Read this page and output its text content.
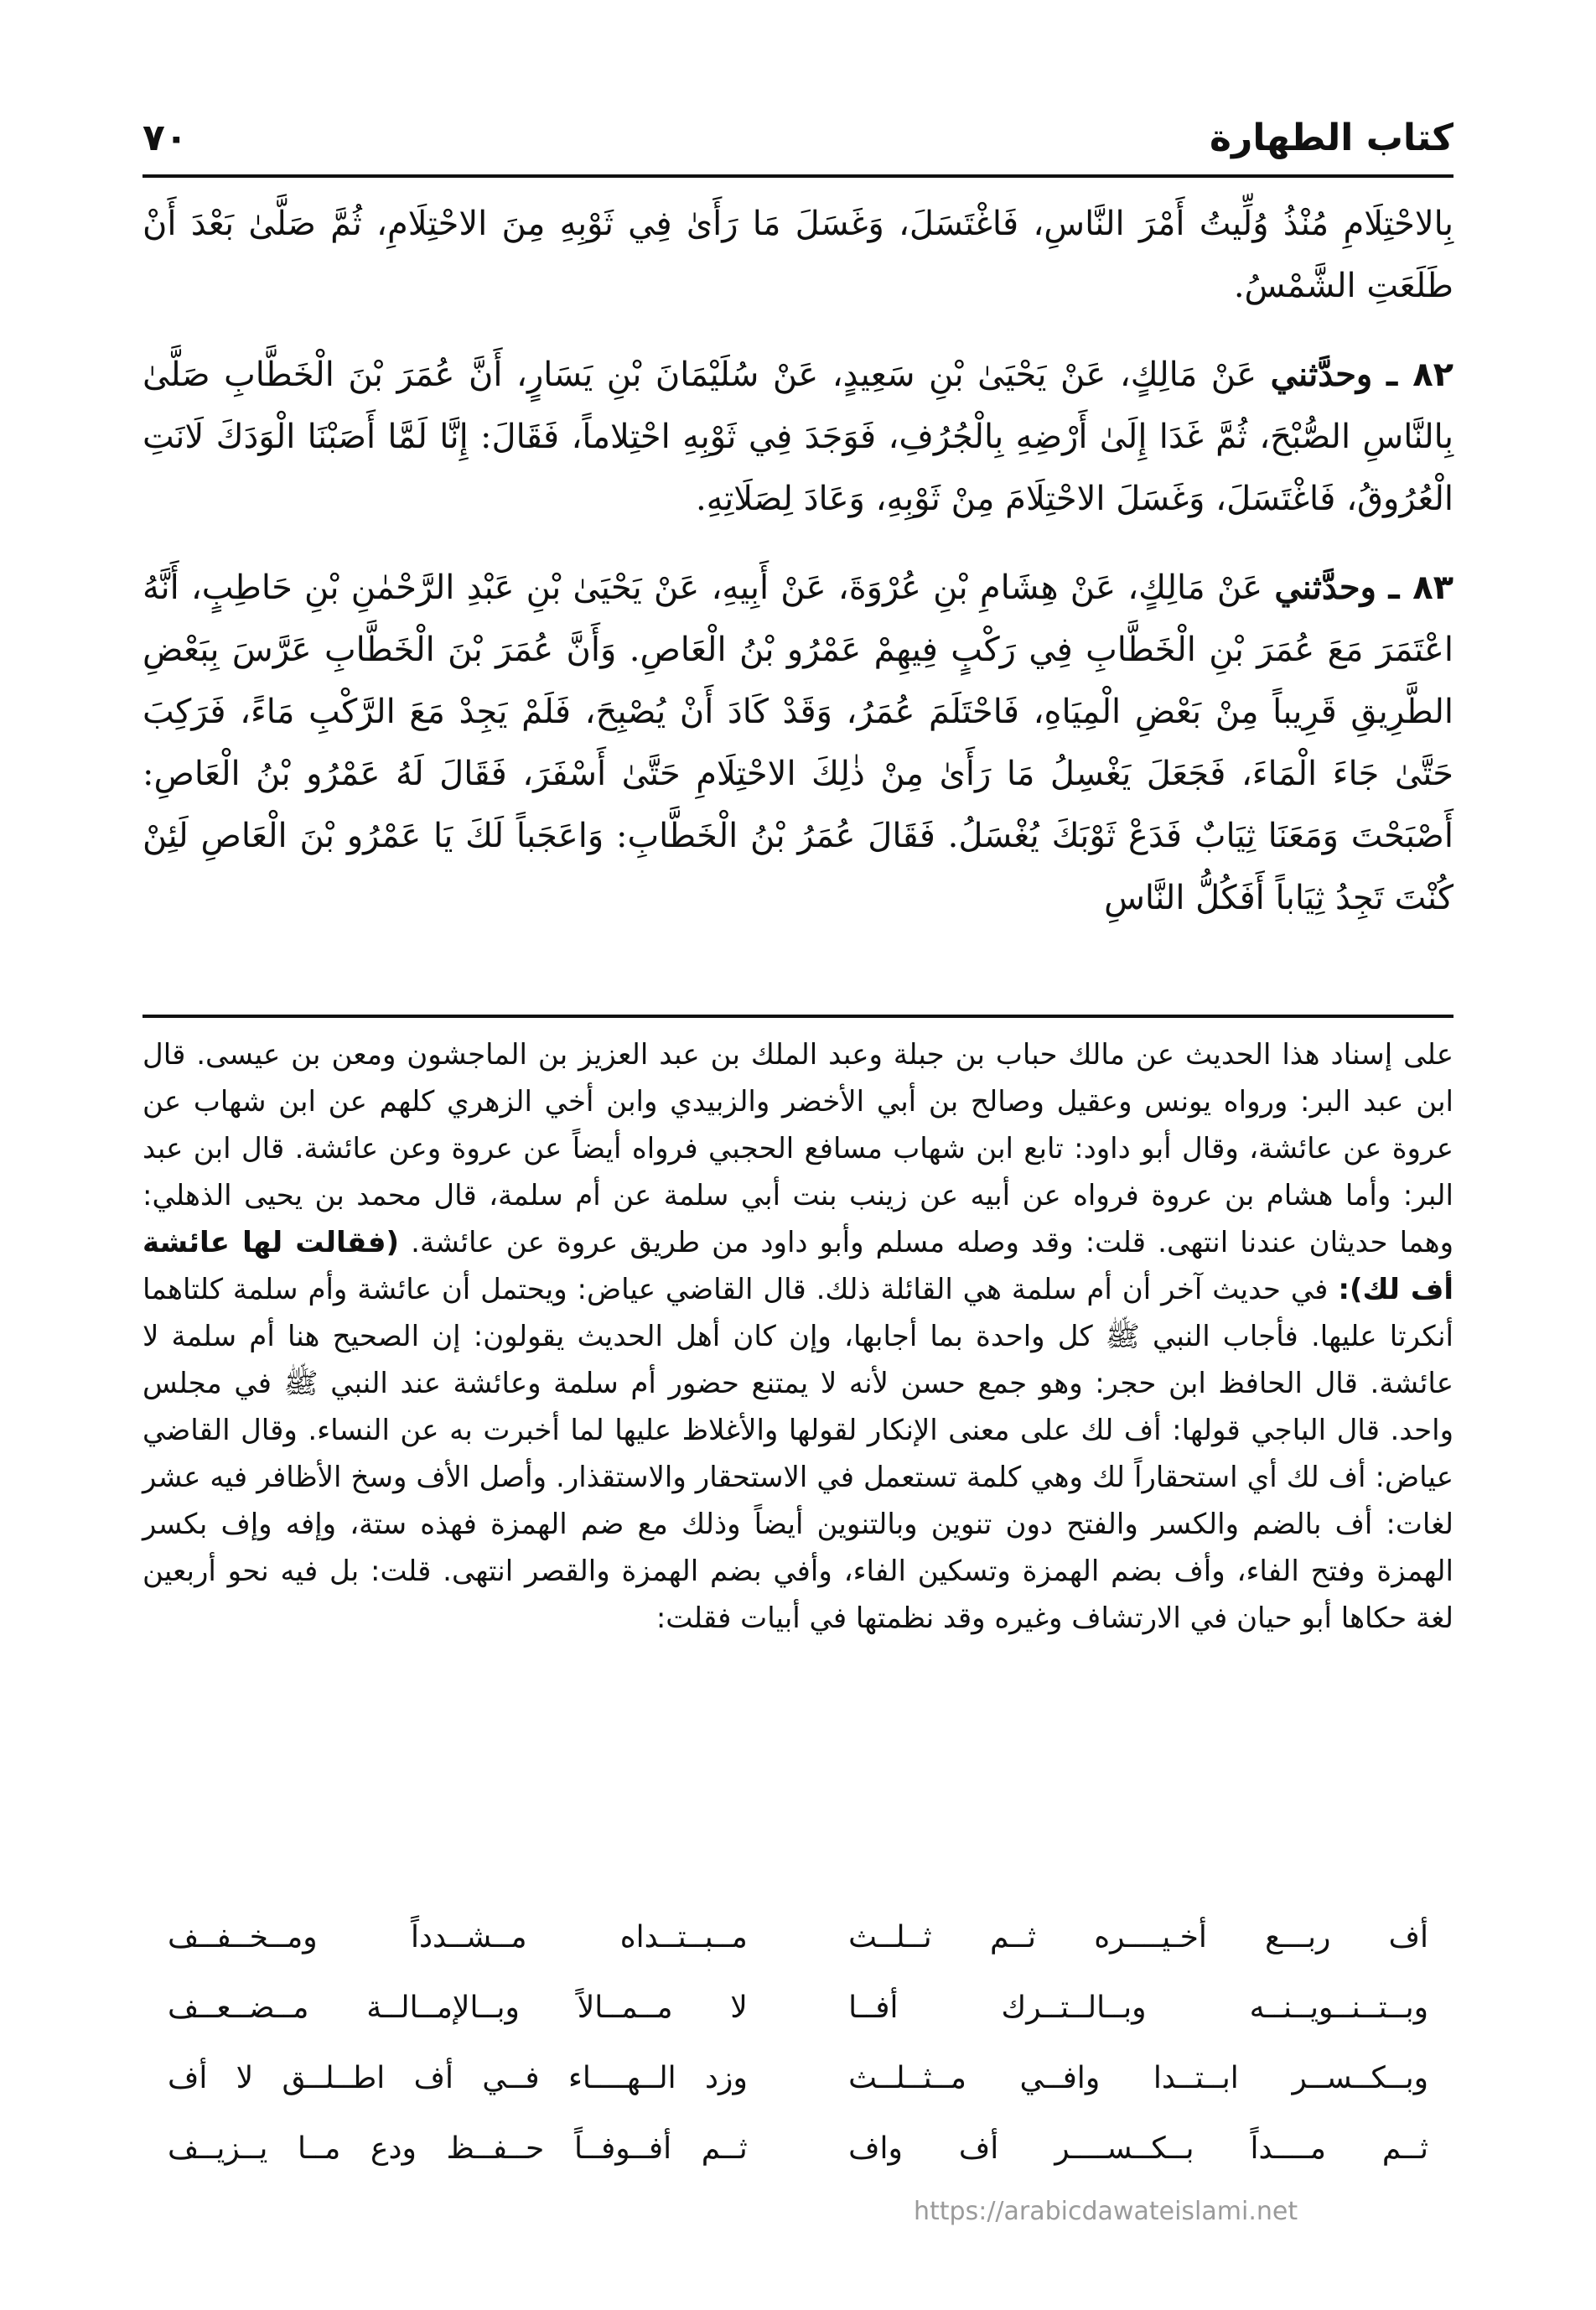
كتاب الطهارة
٧٠

بِالاحْتِلَامِ مُنْذُ وُلِّيتُ أَمْرَ النَّاسِ، فَاغْتَسَلَ، وَغَسَلَ مَا رَأَىٰ فِي ثَوْبِهِ مِنَ الاحْتِلَامِ، ثُمَّ صَلَّىٰ بَعْدَ أَنْ طَلَعَتِ الشَّمْسُ.

٨٢ ـ وحدَّثني عَنْ مَالِكٍ، عَنْ يَحْيَىٰ بْنِ سَعِيدٍ، عَنْ سُلَيْمَانَ بْنِ يَسَارٍ، أَنَّ عُمَرَ بْنَ الْخَطَّابِ صَلَّىٰ بِالنَّاسِ الصُّبْحَ، ثُمَّ غَدَا إِلَىٰ أَرْضِهِ بِالْجُرُفِ، فَوَجَدَ فِي ثَوْبِهِ احْتِلاماً، فَقَالَ: إِنَّا لَمَّا أَصَبْنَا الْوَدَكَ لَانَتِ الْعُرُوقُ، فَاغْتَسَلَ، وَغَسَلَ الاحْتِلَامَ مِنْ ثَوْبِهِ، وَعَادَ لِصَلَاتِهِ.

٨٣ ـ وحدَّثني عَنْ مَالِكٍ، عَنْ هِشَامِ بْنِ عُرْوَةَ، عَنْ أَبِيهِ، عَنْ يَحْيَىٰ بْنِ عَبْدِ الرَّحْمٰنِ بْنِ حَاطِبٍ، أَنَّهُ اعْتَمَرَ مَعَ عُمَرَ بْنِ الْخَطَّابِ فِي رَكْبٍ فِيهِمْ عَمْرُو بْنُ الْعَاصِ. وَأَنَّ عُمَرَ بْنَ الْخَطَّابِ عَرَّسَ بِبَعْضِ الطَّرِيقِ قَرِيباً مِنْ بَعْضِ الْمِيَاهِ، فَاحْتَلَمَ عُمَرُ، وَقَدْ كَادَ أَنْ يُصْبِحَ، فَلَمْ يَجِدْ مَعَ الرَّكْبِ مَاءً، فَرَكِبَ حَتَّىٰ جَاءَ الْمَاءَ، فَجَعَلَ يَغْسِلُ مَا رَأَىٰ مِنْ ذٰلِكَ الاحْتِلَامِ حَتَّىٰ أَسْفَرَ، فَقَالَ لَهُ عَمْرُو بْنُ الْعَاصِ: أَصْبَحْتَ وَمَعَنَا ثِيَابٌ فَدَعْ ثَوْبَكَ يُغْسَلُ. فَقَالَ عُمَرُ بْنُ الْخَطَّابِ: وَاعَجَباً لَكَ يَا عَمْرُو بْنَ الْعَاصِ لَئِنْ كُنْتَ تَجِدُ ثِيَاباً أَفَكُلُّ النَّاسِ

على إسناد هذا الحديث عن مالك حباب بن جبلة وعبد الملك بن عبد العزيز بن الماجشون ومعن بن عيسى. قال ابن عبد البر: ورواه يونس وعقيل وصالح بن أبي الأخضر والزبيدي وابن أخي الزهري كلهم عن ابن شهاب عن عروة عن عائشة، وقال أبو داود: تابع ابن شهاب مسافع الحجبي فرواه أيضاً عن عروة وعن عائشة. قال ابن عبد البر: وأما هشام بن عروة فرواه عن أبيه عن زينب بنت أبي سلمة عن أم سلمة، قال محمد بن يحيى الذهلي: وهما حديثان عندنا انتهى. قلت: وقد وصله مسلم وأبو داود من طريق عروة عن عائشة. (فقالت لها عائشة أف لك): في حديث آخر أن أم سلمة هي القائلة ذلك. قال القاضي عياض: ويحتمل أن عائشة وأم سلمة كلتاهما أنكرتا عليها. فأجاب النبي ﷺ كل واحدة بما أجابها، وإن كان أهل الحديث يقولون: إن الصحيح هنا أم سلمة لا عائشة. قال الحافظ ابن حجر: وهو جمع حسن لأنه لا يمتنع حضور أم سلمة وعائشة عند النبي ﷺ في مجلس واحد. قال الباجي قولها: أف لك على معنى الإنكار لقولها والأغلاظ عليها لما أخبرت به عن النساء. وقال القاضي عياض: أف لك أي استحقاراً لك وهي كلمة تستعمل في الاستحقار والاستقذار. وأصل الأف وسخ الأظافر فيه عشر لغات: أف بالضم والكسر والفتح دون تنوين وبالتنوين أيضاً وذلك مع ضم الهمزة فهذه ستة، وإفه وإف بكسر الهمزة وفتح الفاء، وأف بضم الهمزة وتسكين الفاء، وأفي بضم الهمزة والقصر انتهى. قلت: بل فيه نحو أربعين لغة حكاها أبو حيان في الارتشاف وغيره وقد نظمتها في أبيات فقلت:

أف ربـــع أخـيــــره ثــم ثــلــث
مــبــتــداه مــشــدداً ومــخــفــف
وبــتــنــويــنــه وبــالــتــرك أفــا
لا مــمــالاً وبــالإمــالــة مــضــعــف
وبــكــســر ابــتــدا وافــي مــثــلــث
وزد الــهــــاء فــي أف اطــلــق لا أف
ثــم مــــداً بــكــســــر أف واف
ثــم أفــوفــاً حــفــظ ودع مــا يــزيــف
https://arabicdawateislami.net
